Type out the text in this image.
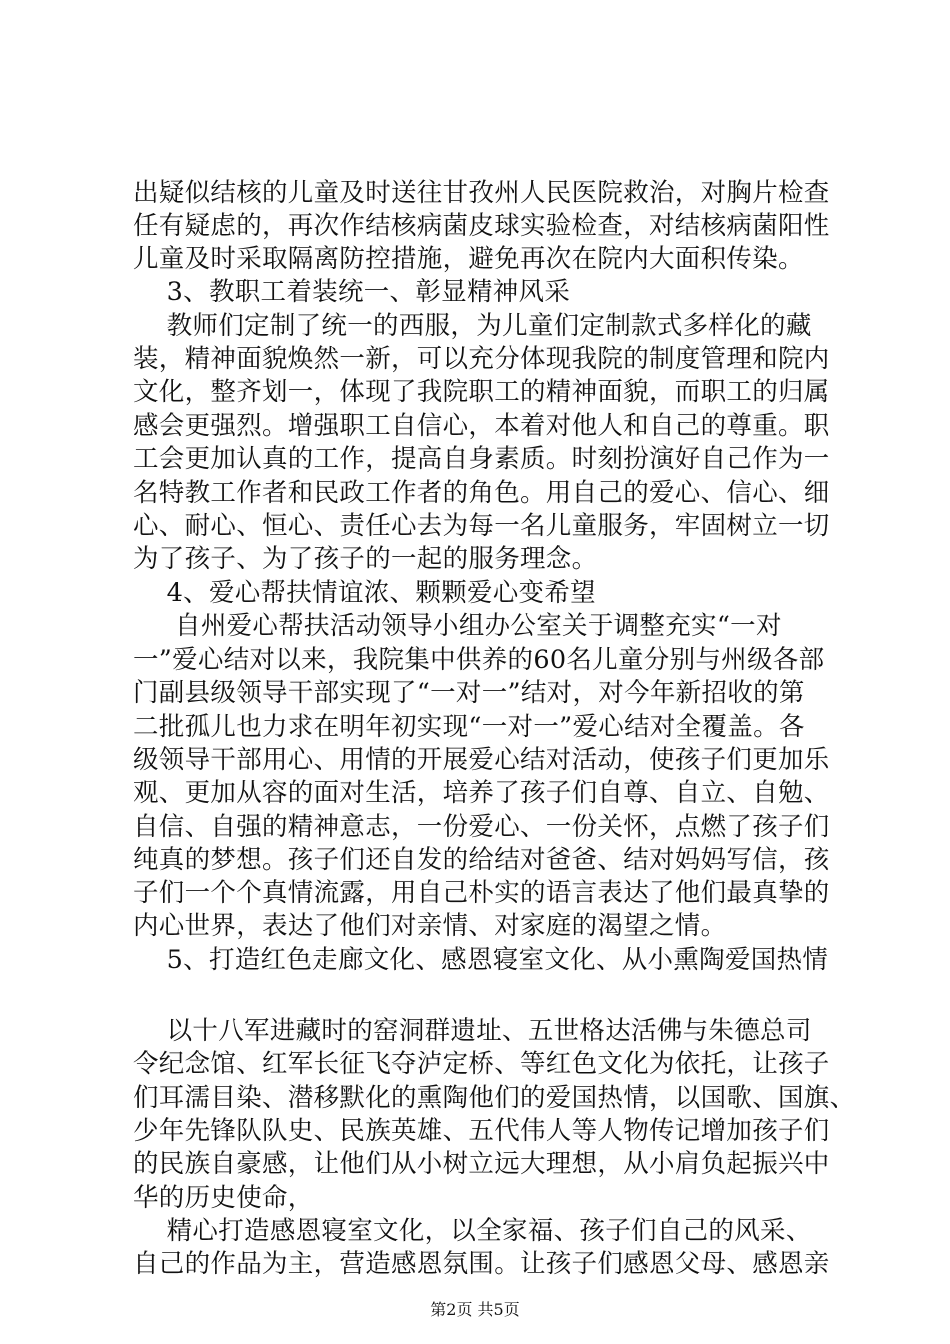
出疑似结核的儿童及时送往甘孜州人民医院救治，对胸片检查
任有疑虑的，再次作结核病菌皮球实验检查，对结核病菌阳性
儿童及时采取隔离防控措施，避免再次在院内大面积传染。
3、教职工着装统一、彰显精神风采
教师们定制了统一的西服，为儿童们定制款式多样化的藏
装，精神面貌焕然一新，可以充分体现我院的制度管理和院内
文化，整齐划一，体现了我院职工的精神面貌，而职工的归属
感会更强烈。增强职工自信心，本着对他人和自己的尊重。职
工会更加认真的工作，提高自身素质。时刻扮演好自己作为一
名特教工作者和民政工作者的角色。用自己的爱心、信心、细
心、耐心、恒心、责任心去为每一名儿童服务，牢固树立一切
为了孩子、为了孩子的一起的服务理念。
4、爱心帮扶情谊浓、颗颗爱心变希望
自州爱心帮扶活动领导小组办公室关于调整充实“一对
一”爱心结对以来，我院集中供养的60名儿童分别与州级各部
门副县级领导干部实现了“一对一”结对，对今年新招收的第
二批孤儿也力求在明年初实现“一对一”爱心结对全覆盖。各
级领导干部用心、用情的开展爱心结对活动，使孩子们更加乐
观、更加从容的面对生活，培养了孩子们自尊、自立、自勉、
自信、自强的精神意志，一份爱心、一份关怀，点燃了孩子们
纯真的梦想。孩子们还自发的给结对爸爸、结对妈妈写信，孩
子们一个个真情流露，用自己朴实的语言表达了他们最真挚的
内心世界，表达了他们对亲情、对家庭的渴望之情。
5、打造红色走廊文化、感恩寝室文化、从小熏陶爱国热情
以十八军进藏时的窑洞群遗址、五世格达活佛与朱德总司
令纪念馆、红军长征飞夺泸定桥、等红色文化为依托，让孩子
们耳濡目染、潜移默化的熏陶他们的爱国热情，以国歌、国旗、
少年先锋队队史、民族英雄、五代伟人等人物传记增加孩子们
的民族自豪感，让他们从小树立远大理想，从小肩负起振兴中
华的历史使命，
精心打造感恩寝室文化，以全家福、孩子们自己的风采、
自己的作品为主，营造感恩氛围。让孩子们感恩父母、感恩亲
第2页 共5页
